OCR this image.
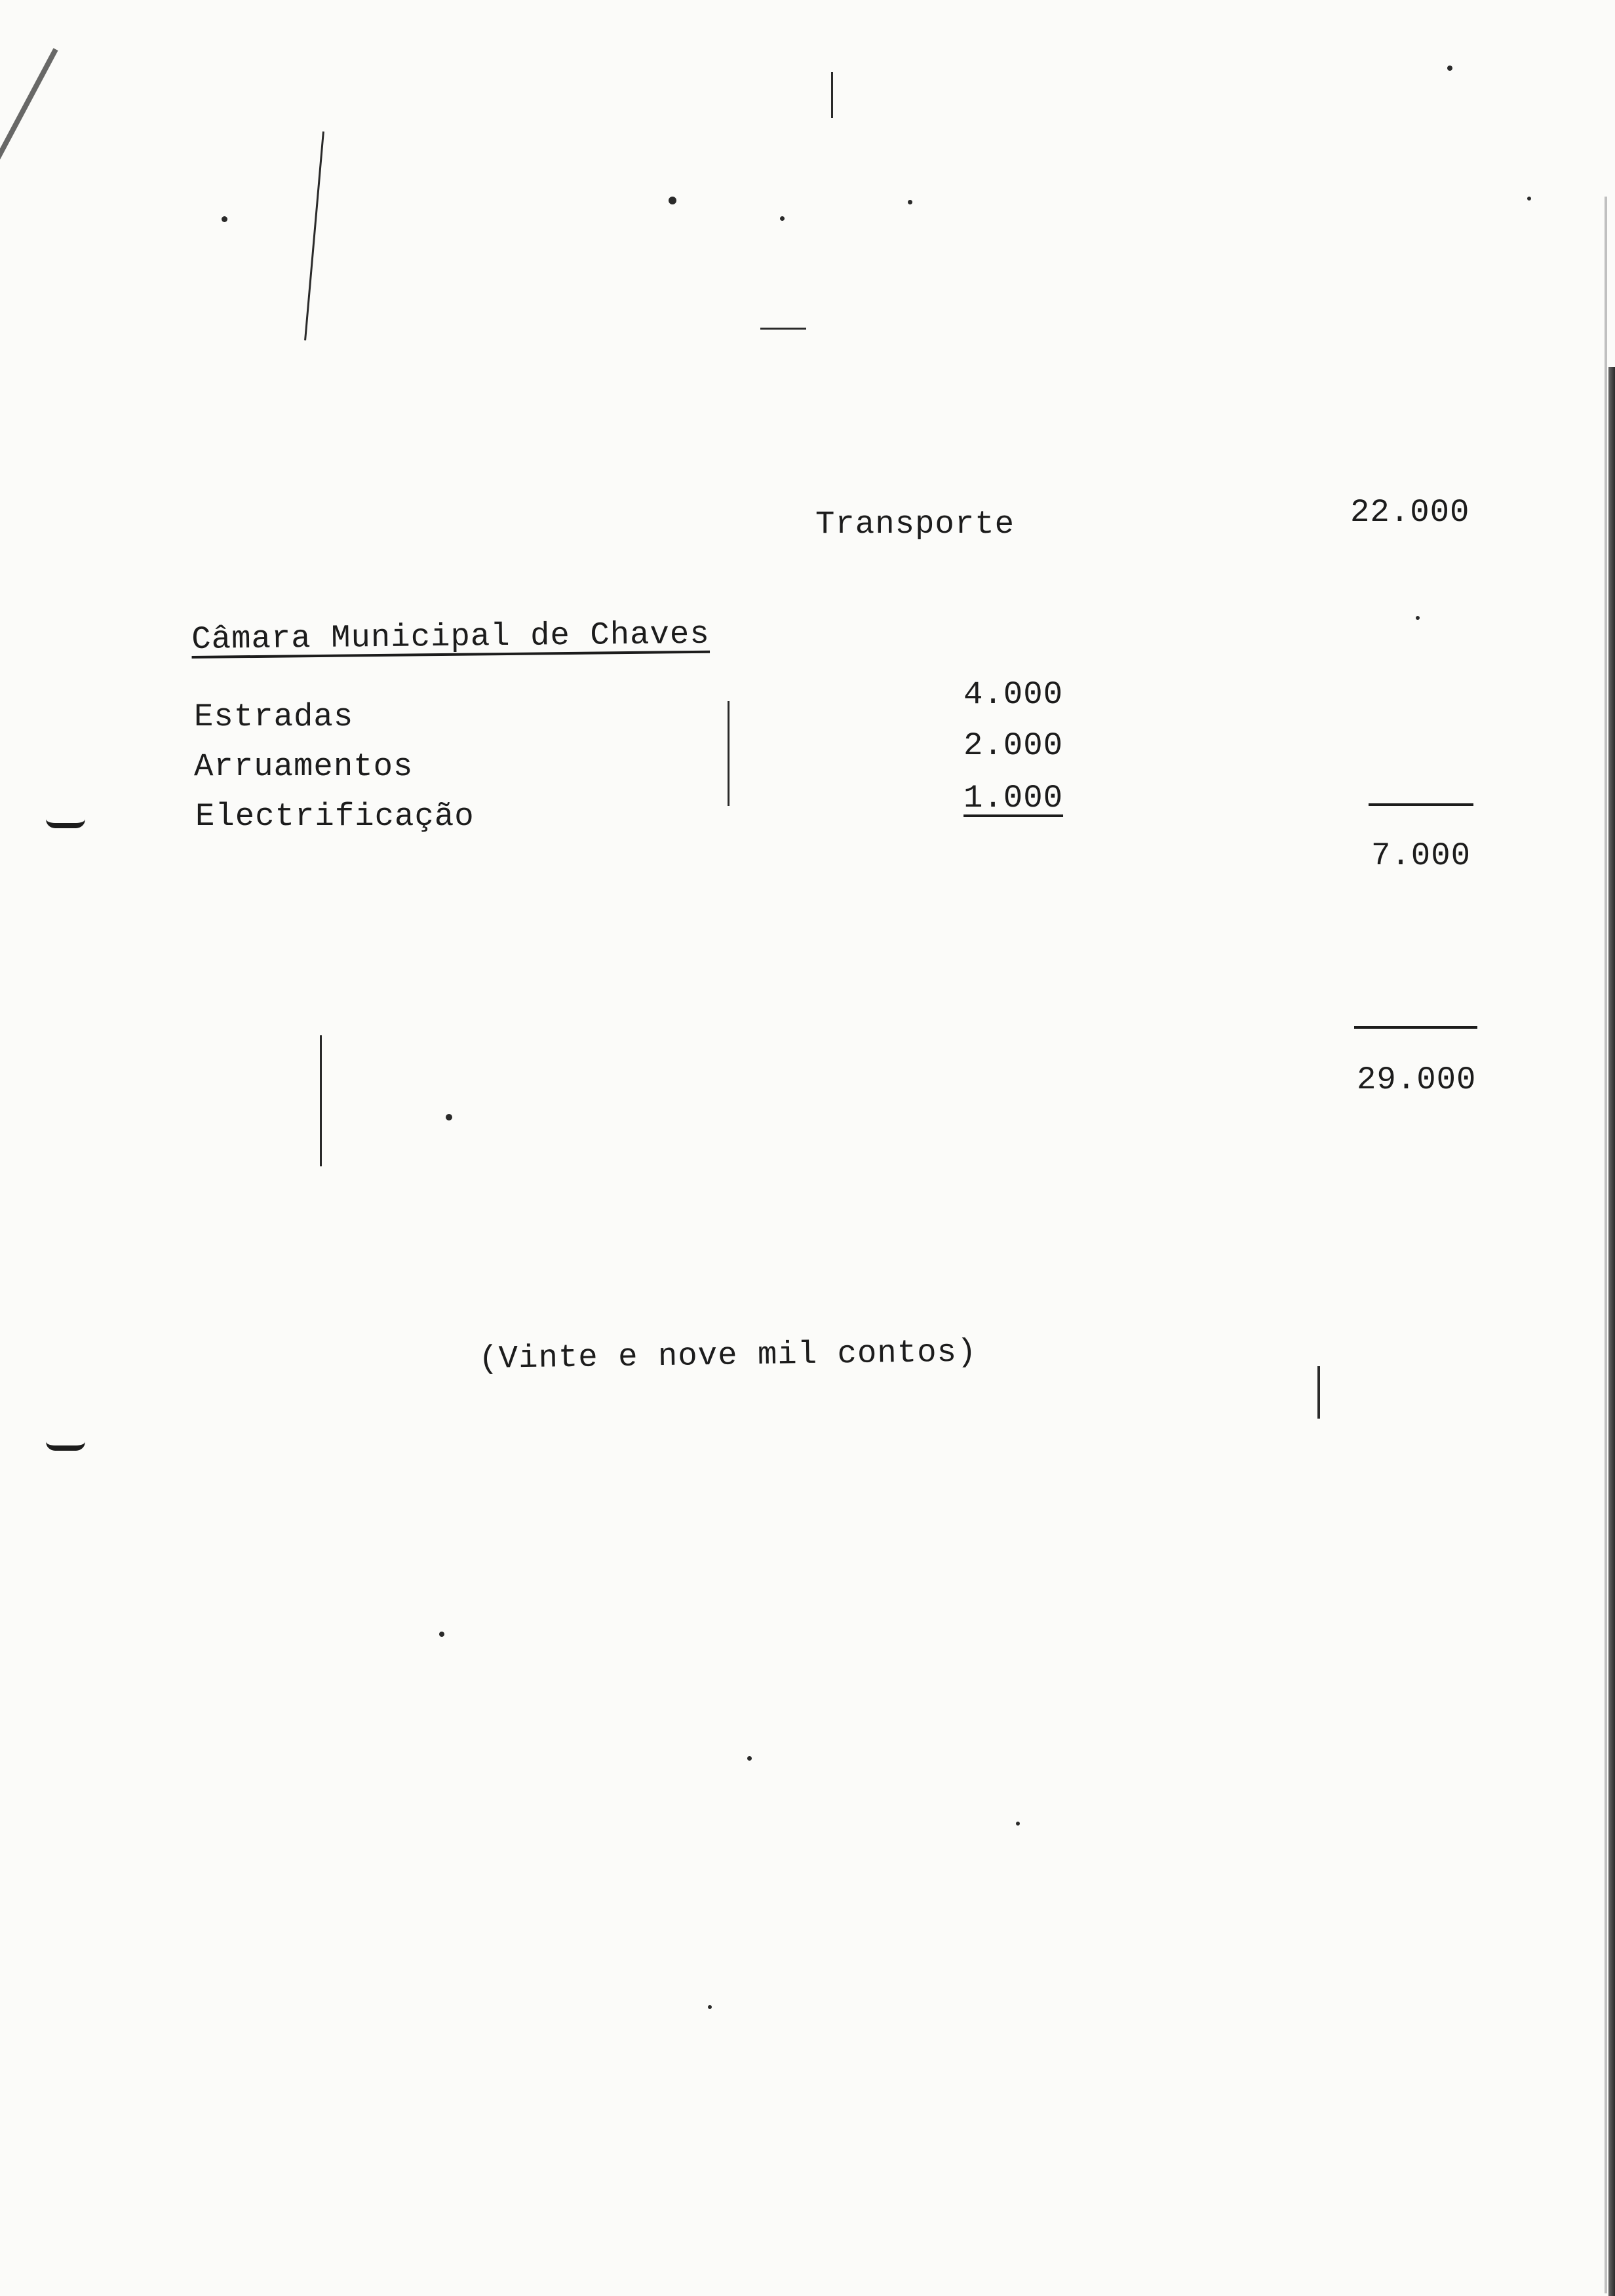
Transporte	22.000
Câmara Municipal de Chaves
Estradas
4.000
Arruamentos
2.000
Electrificação	1.000
7.000
29.000
(Vinte e nove mil contos)
